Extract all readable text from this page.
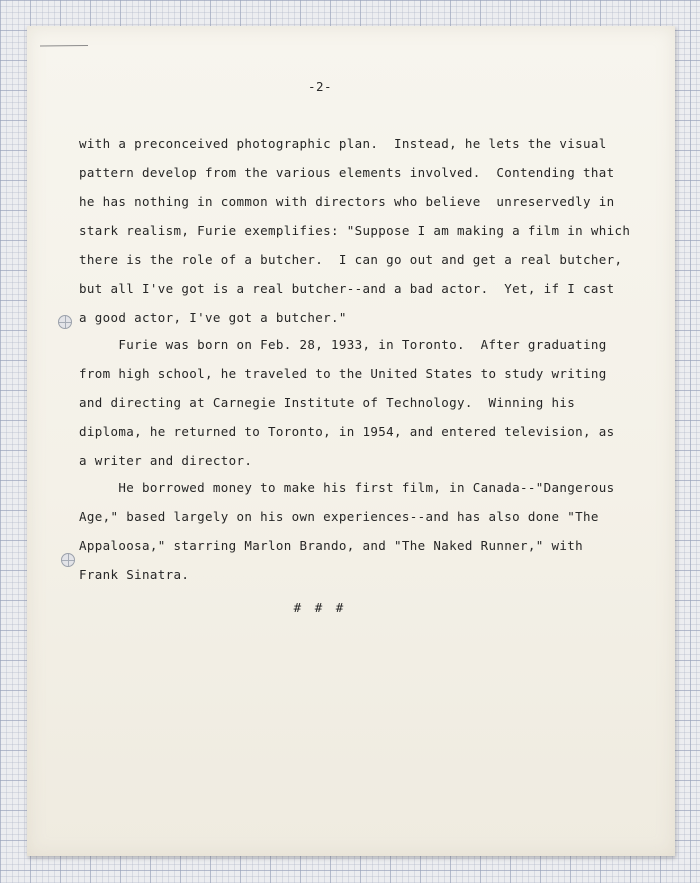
-2-
with a preconceived photographic plan.  Instead, he lets the visual
pattern develop from the various elements involved.  Contending that
he has nothing in common with directors who believe  unreservedly in
stark realism, Furie exemplifies: "Suppose I am making a film in which
there is the role of a butcher.  I can go out and get a real butcher,
but all I've got is a real butcher--and a bad actor.  Yet, if I cast
a good actor, I've got a butcher."
Furie was born on Feb. 28, 1933, in Toronto.  After graduating
from high school, he traveled to the United States to study writing
and directing at Carnegie Institute of Technology.  Winning his
diploma, he returned to Toronto, in 1954, and entered television, as
a writer and director.
He borrowed money to make his first film, in Canada--"Dangerous
Age," based largely on his own experiences--and has also done "The
Appaloosa," starring Marlon Brando, and "The Naked Runner," with
Frank Sinatra.
# # #
